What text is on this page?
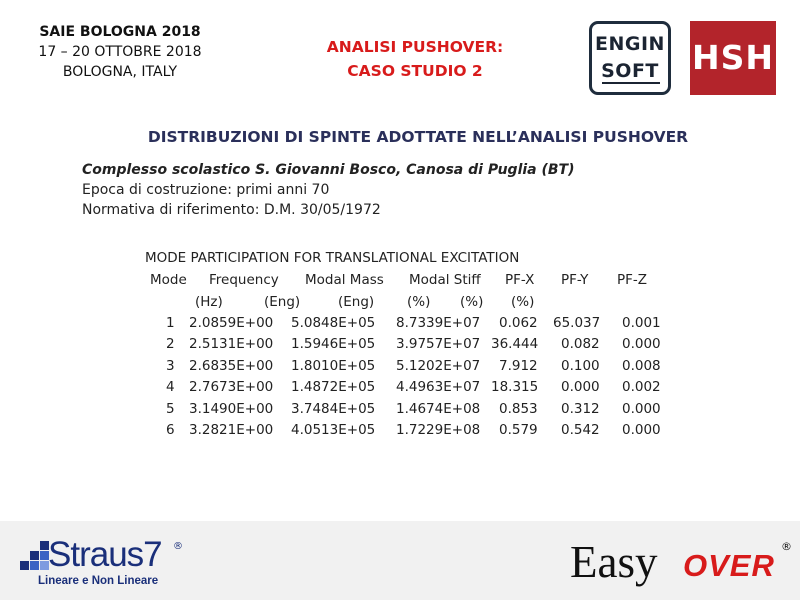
SAIE BOLOGNA 2018
17 – 20 OTTOBRE 2018
BOLOGNA, ITALY
ANALISI PUSHOVER:
CASO STUDIO 2
ENGIN
SOFT HSH
DISTRIBUZIONI DI SPINTE ADOTTATE NELL’ANALISI PUSHOVER
Complesso scolastico S. Giovanni Bosco, Canosa di Puglia (BT)
Epoca di costruzione: primi anni 70
Normativa di riferimento: D.M. 30/05/1972
MODE PARTICIPATION FOR TRANSLATIONAL EXCITATION
Mode Frequency Modal Mass Modal Stiff PF-X PF-Y PF-Z
(Hz)	(Eng)	(Eng) (%) (%) (%)
1 2.0859E+00 5.0848E+05 8.7339E+07 0.062 65.037 0.001
2 2.5131E+00 1.5946E+05 3.9757E+07 36.444 0.082 0.000
3 2.6835E+00 1.8010E+05 5.1202E+07 7.912 0.100 0.008
4 2.7673E+00 1.4872E+05 4.4963E+07 18.315 0.000 0.002
5 3.1490E+00 3.7484E+05 1.4674E+08 0.853 0.312 0.000
6 3.2821E+00 4.0513E+05 1.7229E+08 0.579 0.542 0.000
Straus7 ®
Lineare e Non Lineare	Easy OVER
®
